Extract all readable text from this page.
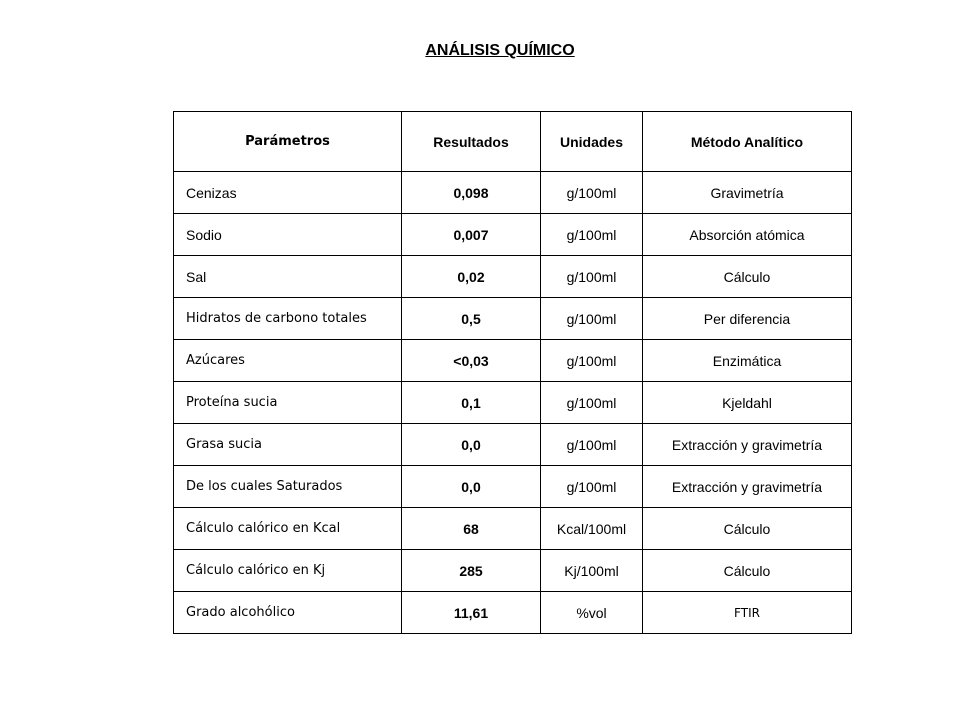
ANÁLISIS QUÍMICO
Parámetros	Resultados	Unidades	Método Analítico
Cenizas	0,098	g/100ml	Gravimetría
Sodio	0,007	g/100ml	Absorción atómica
Sal	0,02	g/100ml	Cálculo
Hidratos de carbono totales	0,5	g/100ml	Per diferencia
Azúcares	<0,03	g/100ml	Enzimática
Proteína sucia	0,1	g/100ml	Kjeldahl
Grasa sucia	0,0	g/100ml	Extracción y gravimetría
De los cuales Saturados	0,0	g/100ml	Extracción y gravimetría
Cálculo calórico en Kcal	68	Kcal/100ml	Cálculo
Cálculo calórico en Kj	285	Kj/100ml	Cálculo
Grado alcohólico	11,61	%vol	FTIR
